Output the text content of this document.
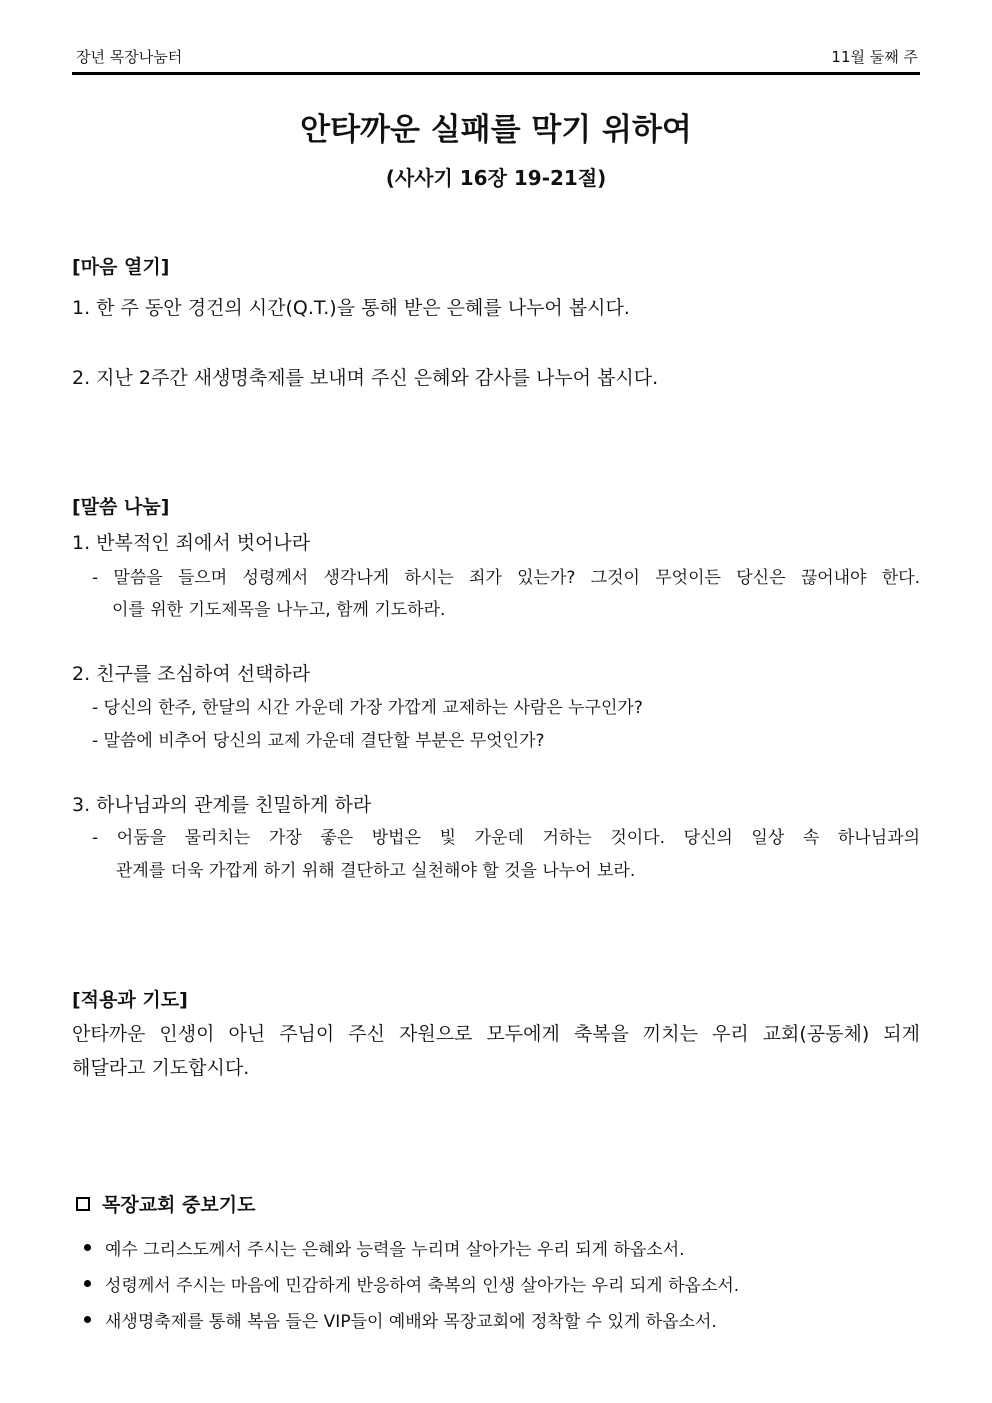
장년 목장나눔터	11월 둘째 주
안타까운 실패를 막기 위하여
(사사기 16장 19-21절)
[마음 열기]
1. 한 주 동안 경건의 시간(Q.T.)을 통해 받은 은혜를 나누어 봅시다.
2. 지난 2주간 새생명축제를 보내며 주신 은혜와 감사를 나누어 봅시다.
[말씀 나눔]
1. 반복적인 죄에서 벗어나라
- 말씀을 들으며 성령께서 생각나게 하시는 죄가 있는가? 그것이 무엇이든 당신은 끊어내야 한다.
이를 위한 기도제목을 나누고, 함께 기도하라.
2. 친구를 조심하여 선택하라
- 당신의 한주, 한달의 시간 가운데 가장 가깝게 교제하는 사람은 누구인가?
- 말씀에 비추어 당신의 교제 가운데 결단할 부분은 무엇인가?
3. 하나님과의 관계를 친밀하게 하라
- 어둠을 물리치는 가장 좋은 방법은 빛 가운데 거하는 것이다. 당신의 일상 속 하나님과의
관계를 더욱 가깝게 하기 위해 결단하고 실천해야 할 것을 나누어 보라.
[적용과 기도]
안타까운 인생이 아닌 주님이 주신 자원으로 모두에게 축복을 끼치는 우리 교회(공동체) 되게
해달라고 기도합시다.
목장교회 중보기도
예수 그리스도께서 주시는 은혜와 능력을 누리며 살아가는 우리 되게 하옵소서.
성령께서 주시는 마음에 민감하게 반응하여 축복의 인생 살아가는 우리 되게 하옵소서.
새생명축제를 통해 복음 들은 VIP들이 예배와 목장교회에 정착할 수 있게 하옵소서.
